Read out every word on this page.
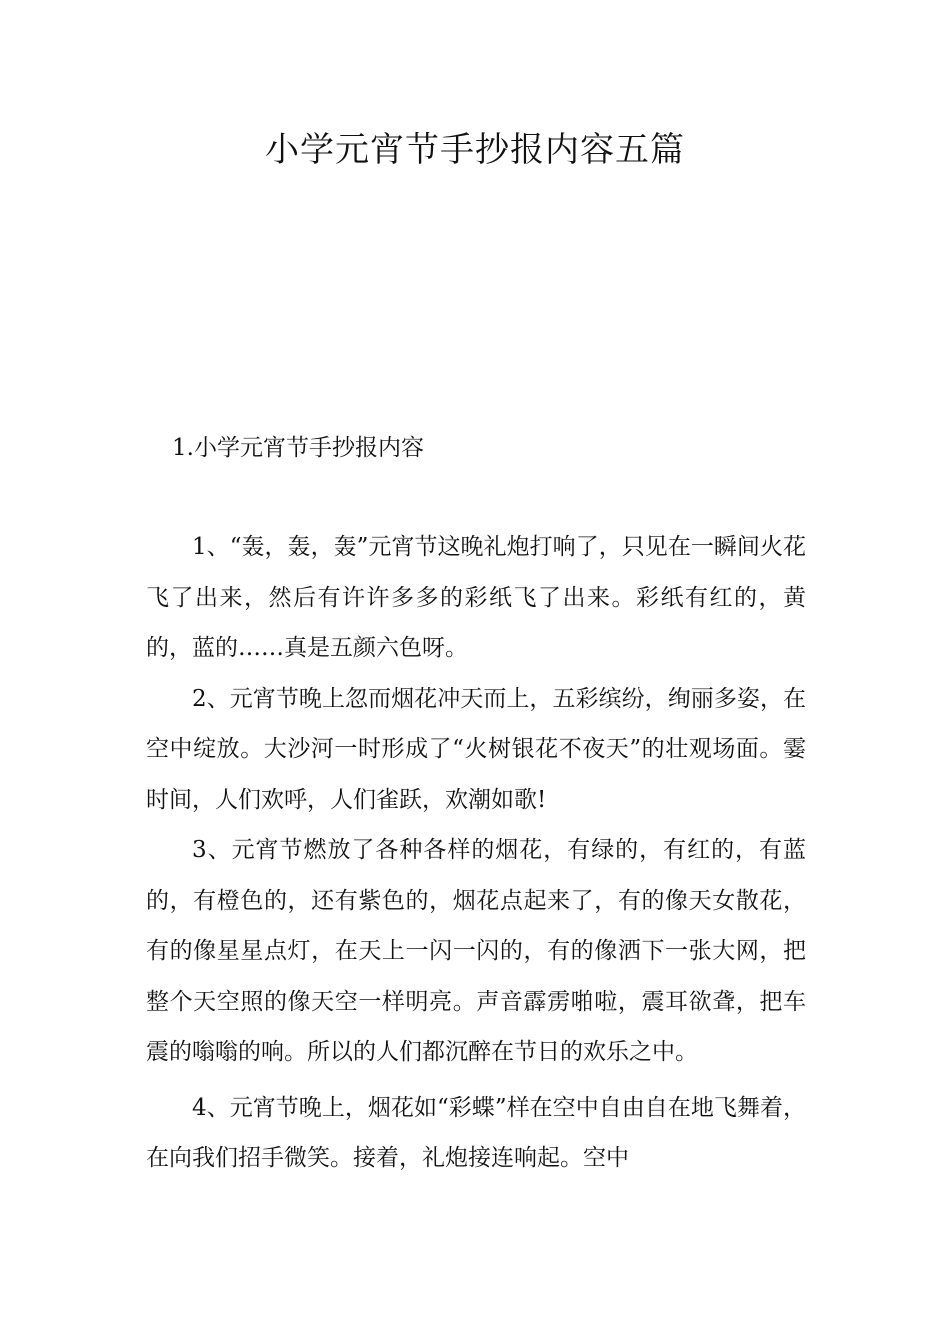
小学元宵节手抄报内容五篇
1.小学元宵节手抄报内容

1、“轰，轰，轰”元宵节这晚礼炮打响了，只见在一瞬间火花飞了出来，然后有许许多多的彩纸飞了出来。彩纸有红的，黄的，蓝的……真是五颜六色呀。

2、元宵节晚上忽而烟花冲天而上，五彩缤纷，绚丽多姿，在空中绽放。大沙河一时形成了“火树银花不夜天”的壮观场面。霎时间，人们欢呼，人们雀跃，欢潮如歌!

3、元宵节燃放了各种各样的烟花，有绿的，有红的，有蓝的，有橙色的，还有紫色的，烟花点起来了，有的像天女散花，有的像星星点灯，在天上一闪一闪的，有的像洒下一张大网，把整个天空照的像天空一样明亮。声音霹雳啪啦，震耳欲聋，把车震的嗡嗡的响。所以的人们都沉醉在节日的欢乐之中。

4、元宵节晚上，烟花如“彩蝶”样在空中自由自在地飞舞着，在向我们招手微笑。接着，礼炮接连响起。空中
